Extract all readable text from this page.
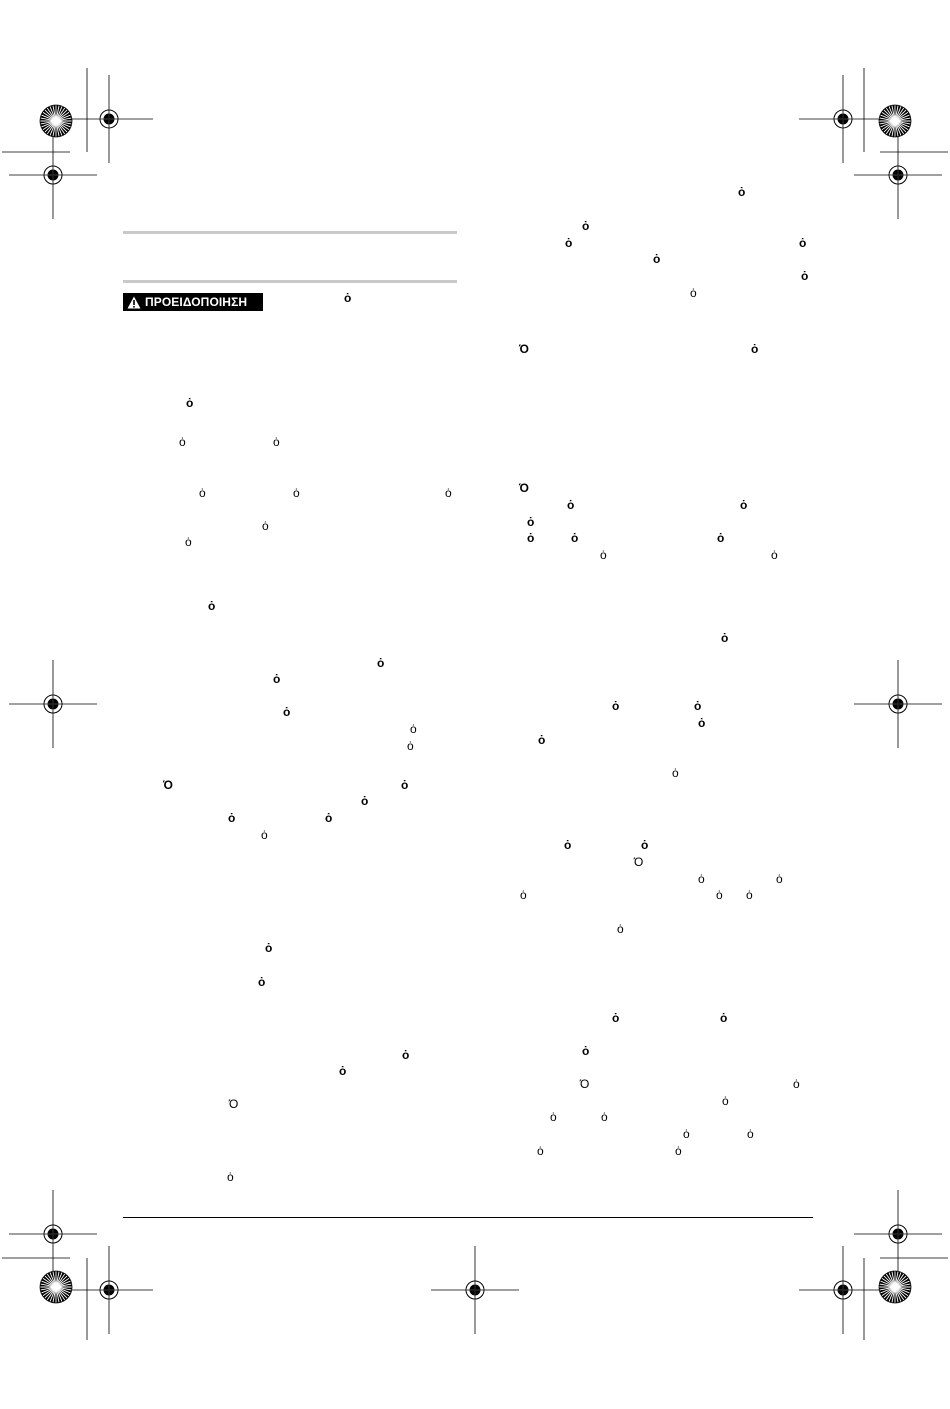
ΠΡΟΕΙΔΟΠΟΙΗΣΗ	ȯ
ȯ
ȯ	ȯ
ȯ	ȯ	ȯ
ȯ
ȯ
ȯ
ȯ
ȯ
ȯ
ȯ
ȯ
Ό	ȯ
ȯ
ȯ	ȯ
ȯ
ȯ
ȯ
ȯ
ȯ
Ό
ȯ
ȯ
ȯ
ȯ	ȯ
ȯ
ȯ
ȯ
Ό	ȯ
Ό
ȯ	ȯ
ȯ
ȯ	ȯ	ȯ
ȯ	ȯ
ȯ
ȯ	ȯ
ȯ
ȯ
ȯ
ȯ	ȯ
Ό
ȯ	ȯ
ȯ	ȯ ȯ
ȯ
ȯ	ȯ
ȯ
Ό	ȯ
ȯ
ȯ	ȯ
ȯ	ȯ
ȯ	ȯ
